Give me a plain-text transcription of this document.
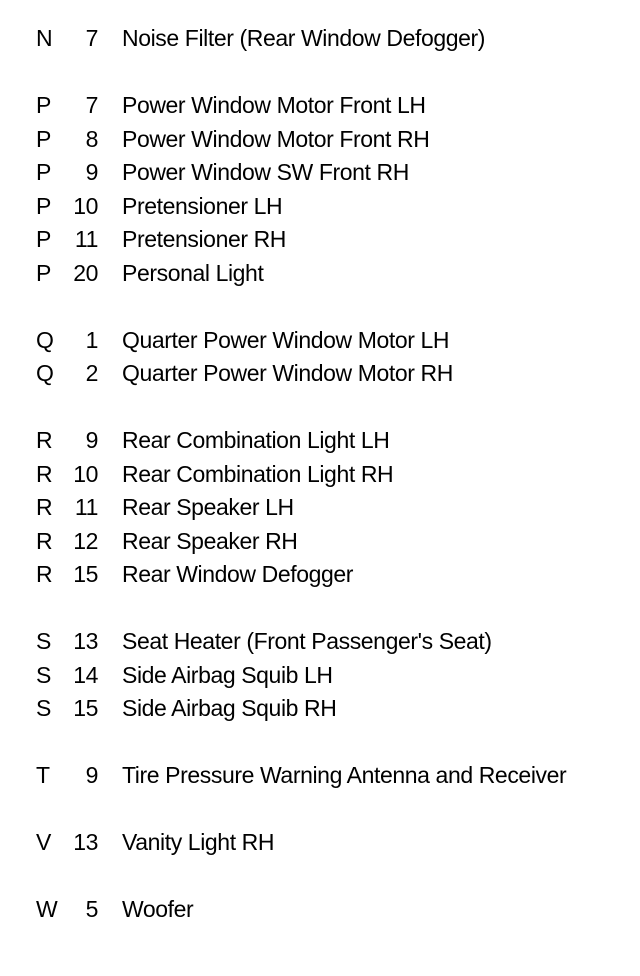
N	7 Noise Filter (Rear Window Defogger)
P	7 Power Window Motor Front LH
P	8 Power Window Motor Front RH
P	9 Power Window SW Front RH
P 10 Pretensioner LH
P	11 Pretensioner RH
P 20 Personal Light
Q	1 Quarter Power Window Motor LH
Q	2 Quarter Power Window Motor RH
R	9 Rear Combination Light LH
R 10 Rear Combination Light RH
R 11 Rear Speaker LH
R 12 Rear Speaker RH
R 15 Rear Window Defogger
S 13 Seat Heater (Front Passenger's Seat)
S 14 Side Airbag Squib LH
S 15 Side Airbag Squib RH
T	9 Tire Pressure Warning Antenna and Receiver
V 13 Vanity Light RH
W	5 Woofer
